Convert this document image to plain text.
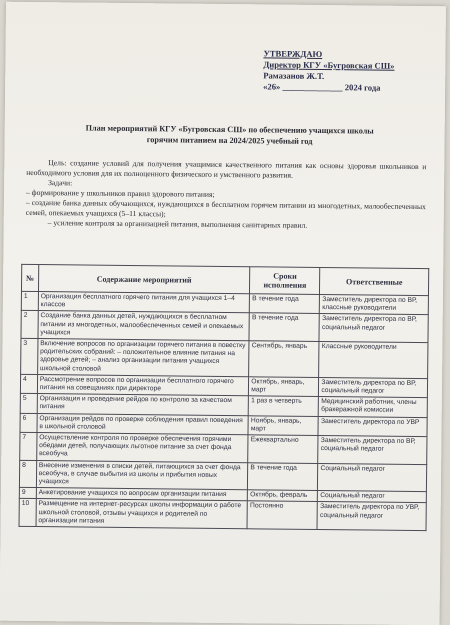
УТВЕРЖДАЮ
Директор КГУ «Бугровская СШ»
Рамазанов Ж.Т.
«26» ______________ 2024 года
План мероприятий КГУ «Бугровская СШ» по обеспечению учащихся школы
горячим питанием на 2024/2025 учебный год

Цель: создание условий для получения учащимися качественного питания как основы здоровья школьников и необходимого условия для их полноценного физического и умственного развития.

Задачи:

– формирование у школьников правил здорового питания;

– создание банка данных обучающихся, нуждающихся в бесплатном горячем питании из многодетных, малообеспеченных семей, опекаемых учащихся (5–11 классы);

– усиление контроля за организацией питания, выполнения санитарных правил.

№	Содержание мероприятий	Сроки исполнения	Ответственные
1	Организация бесплатного горячего питания для учащихся 1–4 классов	В течение года	Заместитель директора по ВР, классные руководители
2	Создание банка данных детей, нуждающихся в бесплатном питании из многодетных, малообеспеченных семей и опекаемых учащихся	В течение года	Заместитель директора по ВР, социальный педагог
3	Включение вопросов по организации горячего питания в повестку родительских собраний: – положительное влияние питания на здоровье детей; – анализ организации питания учащихся школьной столовой	Сентябрь, январь	Классные руководители
4	Рассмотрение вопросов по организации бесплатного горячего питания на совещаниях при директоре	Октябрь, январь, март	Заместитель директора по ВР, социальный педагог
5	Организация и проведение рейдов по контролю за качеством питания	1 раз в четверть	Медицинский работник, члены бракеражной комиссии
6	Организация рейдов по проверке соблюдения правил поведения в школьной столовой	Ноябрь, январь, март	Заместитель директора по УВР
7	Осуществление контроля по проверке обеспечения горячими обедами детей, получающих льготное питание за счет фонда всеобуча	Ежеквартально	Заместитель директора по ВР, социальный педагог
8	Внесение изменения в списки детей, питающихся за счет фонда всеобуча, в случае выбытия из школы и прибытия новых учащихся	В течение года	Социальный педагог
9	Анкетирование учащихся по вопросам организации питания	Октябрь, февраль	Социальный педагог
10	Размещение на интернет-ресурсах школы информации о работе школьной столовой, отзывы учащихся и родителей по организации питания	Постоянно	Заместитель директора по УВР, социальный педагог
